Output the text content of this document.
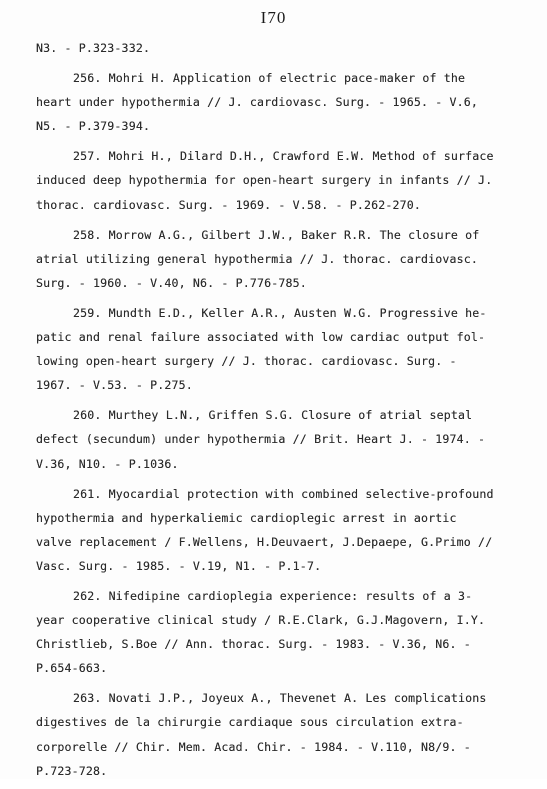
I70
N3. - P.323-332.
256. Mohri H. Application of electric pace-maker of the
heart under hypothermia // J. cardiovasc. Surg. - 1965. - V.6,
N5. - P.379-394.
257. Mohri H., Dilard D.H., Crawford E.W. Method of surface
induced deep hypothermia for open-heart surgery in infants // J.
thorac. cardiovasc. Surg. - 1969. - V.58. - P.262-270.
258. Morrow A.G., Gilbert J.W., Baker R.R. The closure of
atrial utilizing general hypothermia // J. thorac. cardiovasc.
Surg. - 1960. - V.40, N6. - P.776-785.
259. Mundth E.D., Keller A.R., Austen W.G. Progressive he-
patic and renal failure associated with low cardiac output fol-
lowing open-heart surgery // J. thorac. cardiovasc. Surg. -
1967. - V.53. - P.275.
260. Murthey L.N., Griffen S.G. Closure of atrial septal
defect (secundum) under hypothermia // Brit. Heart J. - 1974. -
V.36, N10. - P.1036.
261. Myocardial protection with combined selective-profound
hypothermia and hyperkaliemic cardioplegic arrest in aortic
valve replacement / F.Wellens, H.Deuvaert, J.Depaepe, G.Primo //
Vasc. Surg. - 1985. - V.19, N1. - P.1-7.
262. Nifedipine cardioplegia experience: results of a 3-
year cooperative clinical study / R.E.Clark, G.J.Magovern, I.Y.
Christlieb, S.Boe // Ann. thorac. Surg. - 1983. - V.36, N6. -
P.654-663.
263. Novati J.P., Joyeux A., Thevenet A. Les complications
digestives de la chirurgie cardiaque sous circulation extra-
corporelle // Chir. Mem. Acad. Chir. - 1984. - V.110, N8/9. -
P.723-728.
